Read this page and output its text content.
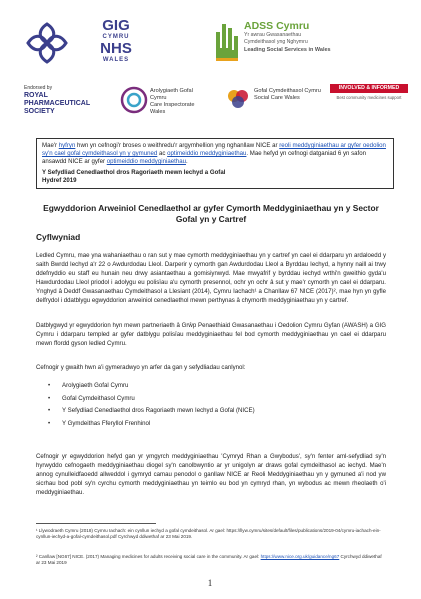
GIG
CYMRU
NHS
WALES
ADSS Cymru
Yr awrau Gwasanaethau
Cymdeithasol yng Nghymru
Leading Social Services in Wales
Endorsed by
ROYAL
PHARMACEUTICAL
SOCIETY
Arolygiaeth Gofal
Cymru
Care Inspectorate
Wales
Gofal Cymdeithasol Cymru
Social Care Wales
INVOLVED & INFORMED
Best community medicines support
Mae'r hyfryn hwn yn cefnogi'r broses o weithredu'r argymhellion yng nghanllaw NICE ar reoli meddyginiaethau ar gyfer oedolion sy'n cael gofal cymdeithasol yn y gymuned ac optimeiddio meddyginiaethau. Mae hefyd yn cefnogi datganiad 6 yn safon ansawdd NICE ar gyfer optimeiddio meddyginiaethau.
Y Sefydliad Cenedlaethol dros Ragoriaeth mewn Iechyd a Gofal
Hydref 2019
Egwyddorion Arweiniol Cenedlaethol ar gyfer Cymorth Meddyginiaethau yn y Sector Gofal yn y Cartref
Cyflwyniad
Ledled Cymru, mae yna wahaniaethau o ran sut y mae cymorth meddyginiaethau yn y cartref yn cael ei ddarparu yn ardaloedd y saith Bwrdd Iechyd a'r 22 o Awdurdodau Lleol. Darperir y cymorth gan Awdurdodau Lleol a Byrddau Iechyd, a hynny naill ai trwy ddefnyddio eu staff eu hunain neu drwy asiantaethau a gomisiynwyd. Mae mwyafrif y byrddau iechyd wrthi'n gweithio gyda'u Hawdurdodau Lleol priodol i adolygu eu polisïau a'u cymorth presennol, ochr yn ochr â sut y mae'r cymorth yn cael ei ddarparu. Ynghyd â Deddf Gwasanaethau Cymdeithasol a Llesiant (2014), Cymru Iachach¹ a Chanllaw 67 NICE (2017)², mae hyn yn gyfle delfrydol i ddatblygu egwyddorion arweiniol cenedlaethol mewn perthynas â chymorth meddyginiaethau yn y cartref.
Datblygwyd yr egwyddorion hyn mewn partneriaeth â Grŵp Penaethiaid Gwasanaethau i Oedolion Cymru Gyfan (AWASH) a GIG Cymru i ddarparu templed ar gyfer datblygu polisïau meddyginiaethau fel bod cymorth meddyginiaethau yn cael ei ddarparu mewn ffordd gyson ledled Cymru.
Cefnogir y gwaith hwn a'i gymeradwyo yn arfer da gan y sefydliadau canlynol:
• Arolygiaeth Gofal Cymru
• Gofal Cymdeithasol Cymru
• Y Sefydliad Cenedlaethol dros Ragoriaeth mewn Iechyd a Gofal (NICE)
• Y Gymdeithas Fferyllol Frenhinol
Cefnogir yr egwyddorion hefyd gan yr ymgyrch meddyginiaethau 'Cymryd Rhan a Gwybodus', sy'n fenter aml-sefydliad sy'n hyrwyddo cefnogaeth meddyginiaethau diogel sy'n canolbwyntio ar yr unigolyn ar draws gofal cymdeithasol ac iechyd. Mae'n annog cynulleidfaoedd allweddol i gymryd camau penodol o ganllaw NICE ar Reoli Meddyginiaethau yn y gymuned a'i nod yw sicrhau bod pobl sy'n cyrchu cymorth meddyginiaethau yn teimlo eu bod yn cymryd rhan, yn wybodus ac mewn rheolaeth o'i meddyginiaethau.
¹ Llywodraeth Cymru (2018) Cymru Iachach: ein cynllun iechyd a gofal cymdeithasol. Ar gael: https://llyw.cymru/sites/default/files/publications/2019-04/cymru-iachach-ein-cynllun-iechyd-a-gofal-cymdeithasol.pdf Cyrchwyd ddiwethaf ar 23 Mai 2019.
² Canllaw [NG67] NICE. (2017) Managing medicines for adults receiving social care in the community. Ar gael: https://www.nice.org.uk/guidance/ng67 Cyrchwyd ddiwethaf ar 23 Mai 2019
1
